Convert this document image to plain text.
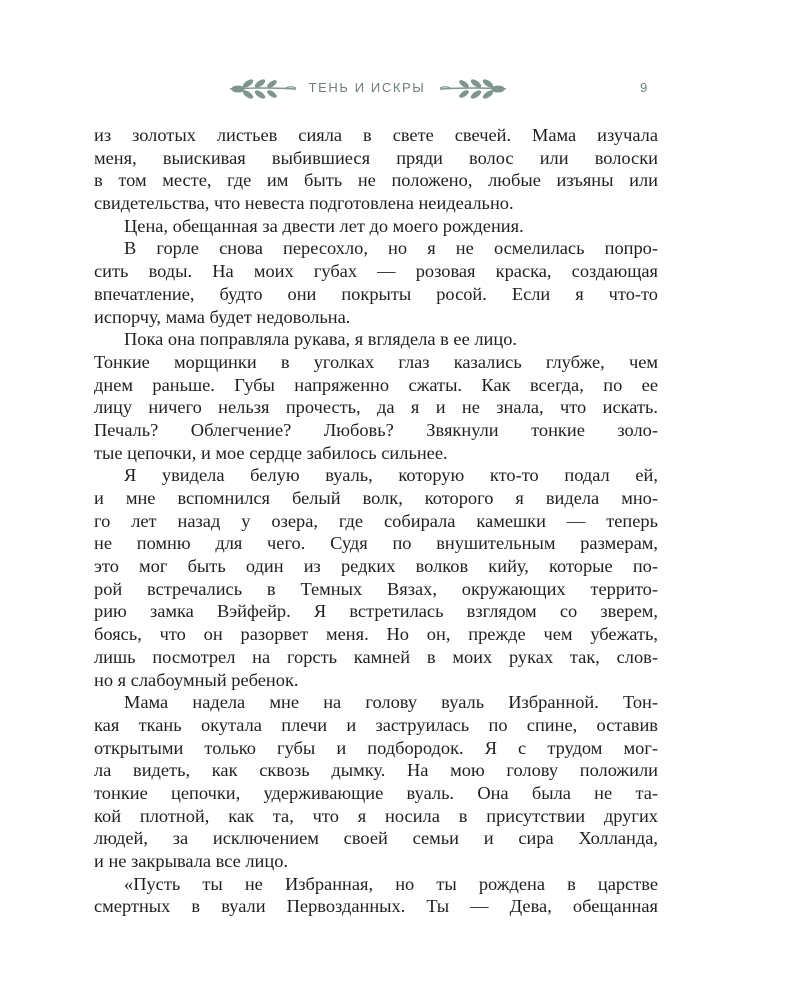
ТЕНЬ И ИСКРЫ	9
из золотых листьев сияла в свете свечей. Мама изучала
меня, выискивая выбившиеся пряди волос или волоски
в том месте, где им быть не положено, любые изъяны или
свидетельства, что невеста подготовлена неидеально.
Цена, обещанная за двести лет до моего рождения.
В горле снова пересохло, но я не осмелилась попро-
сить воды. На моих губах — розовая краска, создающая
впечатление, будто они покрыты росой. Если я что-то
испорчу, мама будет недовольна.
Пока она поправляла рукава, я вглядела в ее лицо.
Тонкие морщинки в уголках глаз казались глубже, чем
днем раньше. Губы напряженно сжаты. Как всегда, по ее
лицу ничего нельзя прочесть, да я и не знала, что искать.
Печаль? Облегчение? Любовь? Звякнули тонкие золо-
тые цепочки, и мое сердце забилось сильнее.
Я увидела белую вуаль, которую кто-то подал ей,
и мне вспомнился белый волк, которого я видела мно-
го лет назад у озера, где собирала камешки — теперь
не помню для чего. Судя по внушительным размерам,
это мог быть один из редких волков кийу, которые по-
рой встречались в Темных Вязах, окружающих террито-
рию замка Вэйфейр. Я встретилась взглядом со зверем,
боясь, что он разорвет меня. Но он, прежде чем убежать,
лишь посмотрел на горсть камней в моих руках так, слов-
но я слабоумный ребенок.
Мама надела мне на голову вуаль Избранной. Тон-
кая ткань окутала плечи и заструилась по спине, оставив
открытыми только губы и подбородок. Я с трудом мог-
ла видеть, как сквозь дымку. На мою голову положили
тонкие цепочки, удерживающие вуаль. Она была не та-
кой плотной, как та, что я носила в присутствии других
людей, за исключением своей семьи и сира Холланда,
и не закрывала все лицо.
«Пусть ты не Избранная, но ты рождена в царстве
смертных в вуали Первозданных. Ты — Дева, обещанная
